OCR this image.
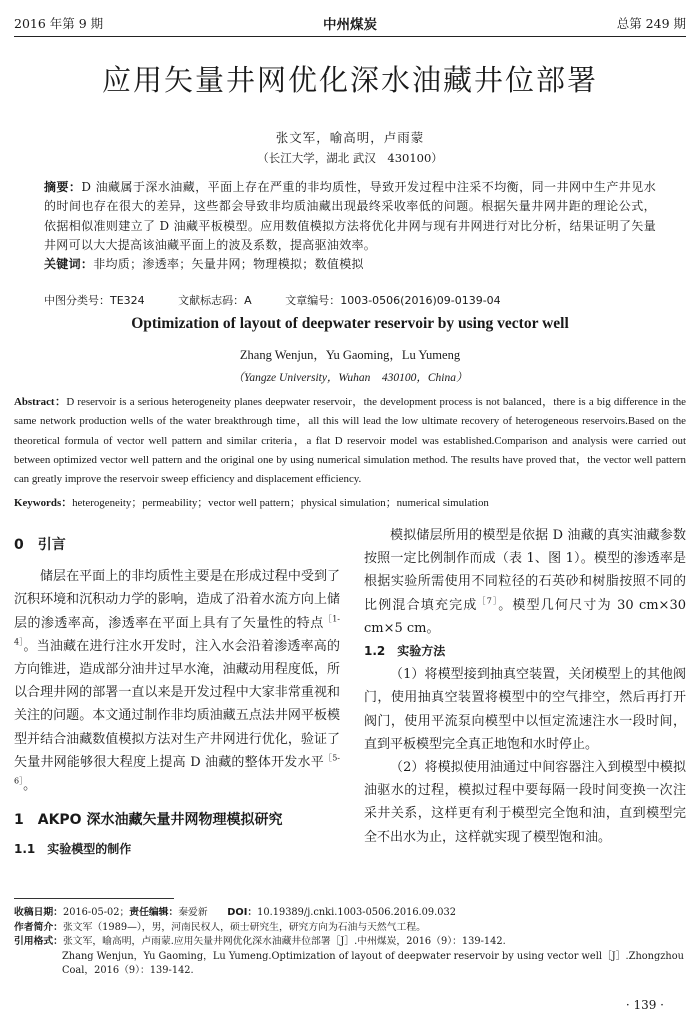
2016 年第 9 期	中州煤炭	总第 249 期
应用矢量井网优化深水油藏井位部署
张文军，喻高明，卢雨蒙
（长江大学，湖北 武汉　430100）
摘要：D 油藏属于深水油藏，平面上存在严重的非均质性，导致开发过程中注采不均衡，同一井网中生产井见水的时间也存在很大的差异，这些都会导致非均质油藏出现最终采收率低的问题。根据矢量井网井距的理论公式，依据相似准则建立了 D 油藏平板模型。应用数值模拟方法将优化井网与现有井网进行对比分析，结果证明了矢量井网可以大大提高该油藏平面上的波及系数，提高驱油效率。
关键词：非均质；渗透率；矢量井网；物理模拟；数值模拟
中图分类号：TE324	文献标志码：A	文章编号：1003-0506(2016)09-0139-04
Optimization of layout of deepwater reservoir by using vector well
Zhang Wenjun，Yu Gaoming，Lu Yumeng
（Yangze University，Wuhan　430100，China）
Abstract：D reservoir is a serious heterogeneity planes deepwater reservoir，the development process is not balanced，there is a big difference in the same network production wells of the water breakthrough time，all this will lead the low ultimate recovery of heterogeneous reservoirs.Based on the theoretical formula of vector well pattern and similar criteria，a flat D reservoir model was established.Comparison and analysis were carried out between optimized vector well pattern and the original one by using numerical simulation method. The results have proved that，the vector well pattern can greatly improve the reservoir sweep efficiency and displacement efficiency.
Keywords：heterogeneity；permeability；vector well pattern；physical simulation；numerical simulation

0　引言

储层在平面上的非均质性主要是在形成过程中受到了沉积环境和沉积动力学的影响，造成了沿着水流方向上储层的渗透率高，渗透率在平面上具有了矢量性的特点$^{[1-4]}$。当油藏在进行注水开发时，注入水会沿着渗透率高的方向锥进，造成部分油井过早水淹，油藏动用程度低，所以合理井网的部署一直以来是开发过程中大家非常重视和关注的问题。本文通过制作非均质油藏五点法井网平板模型并结合油藏数值模拟方法对生产井网进行优化，验证了矢量井网能够很大程度上提高 D 油藏的整体开发水平$^{[5-6]}$。

1　AKPO 深水油藏矢量井网物理模拟研究

1.1　实验模型的制作

模拟储层所用的模型是依据 D 油藏的真实油藏参数按照一定比例制作而成（表 1、图 1）。模型的渗透率是根据实验所需使用不同粒径的石英砂和树脂按照不同的比例混合填充完成$^{[7]}$。模型几何尺寸为 30 cm×30 cm×5 cm。

1.2　实验方法

（1）将模型接到抽真空装置，关闭模型上的其他阀门，使用抽真空装置将模型中的空气排空，然后再打开阀门，使用平流泵向模型中以恒定流速注水一段时间，直到平板模型完全真正地饱和水时停止。

（2）将模拟使用油通过中间容器注入到模型中模拟油驱水的过程，模拟过程中要每隔一段时间变换一次注采井关系，这样更有利于模型完全饱和油，直到模型完全不出水为止，这样就实现了模型饱和油。

收稿日期：2016-05-02；责任编辑：秦爱新　　 DOI：10.19389/j.cnki.1003-0506.2016.09.032
作者简介：张文军（1989—），男，河南民权人，硕士研究生，研究方向为石油与天然气工程。
引用格式：张文军，喻高明，卢雨蒙.应用矢量井网优化深水油藏井位部署［J］.中州煤炭，2016（9）：139-142.
Zhang Wenjun，Yu Gaoming，Lu Yumeng.Optimization of layout of deepwater reservoir by using vector well［J］.Zhongzhou Coal，2016（9）：139-142.
· 139 ·
